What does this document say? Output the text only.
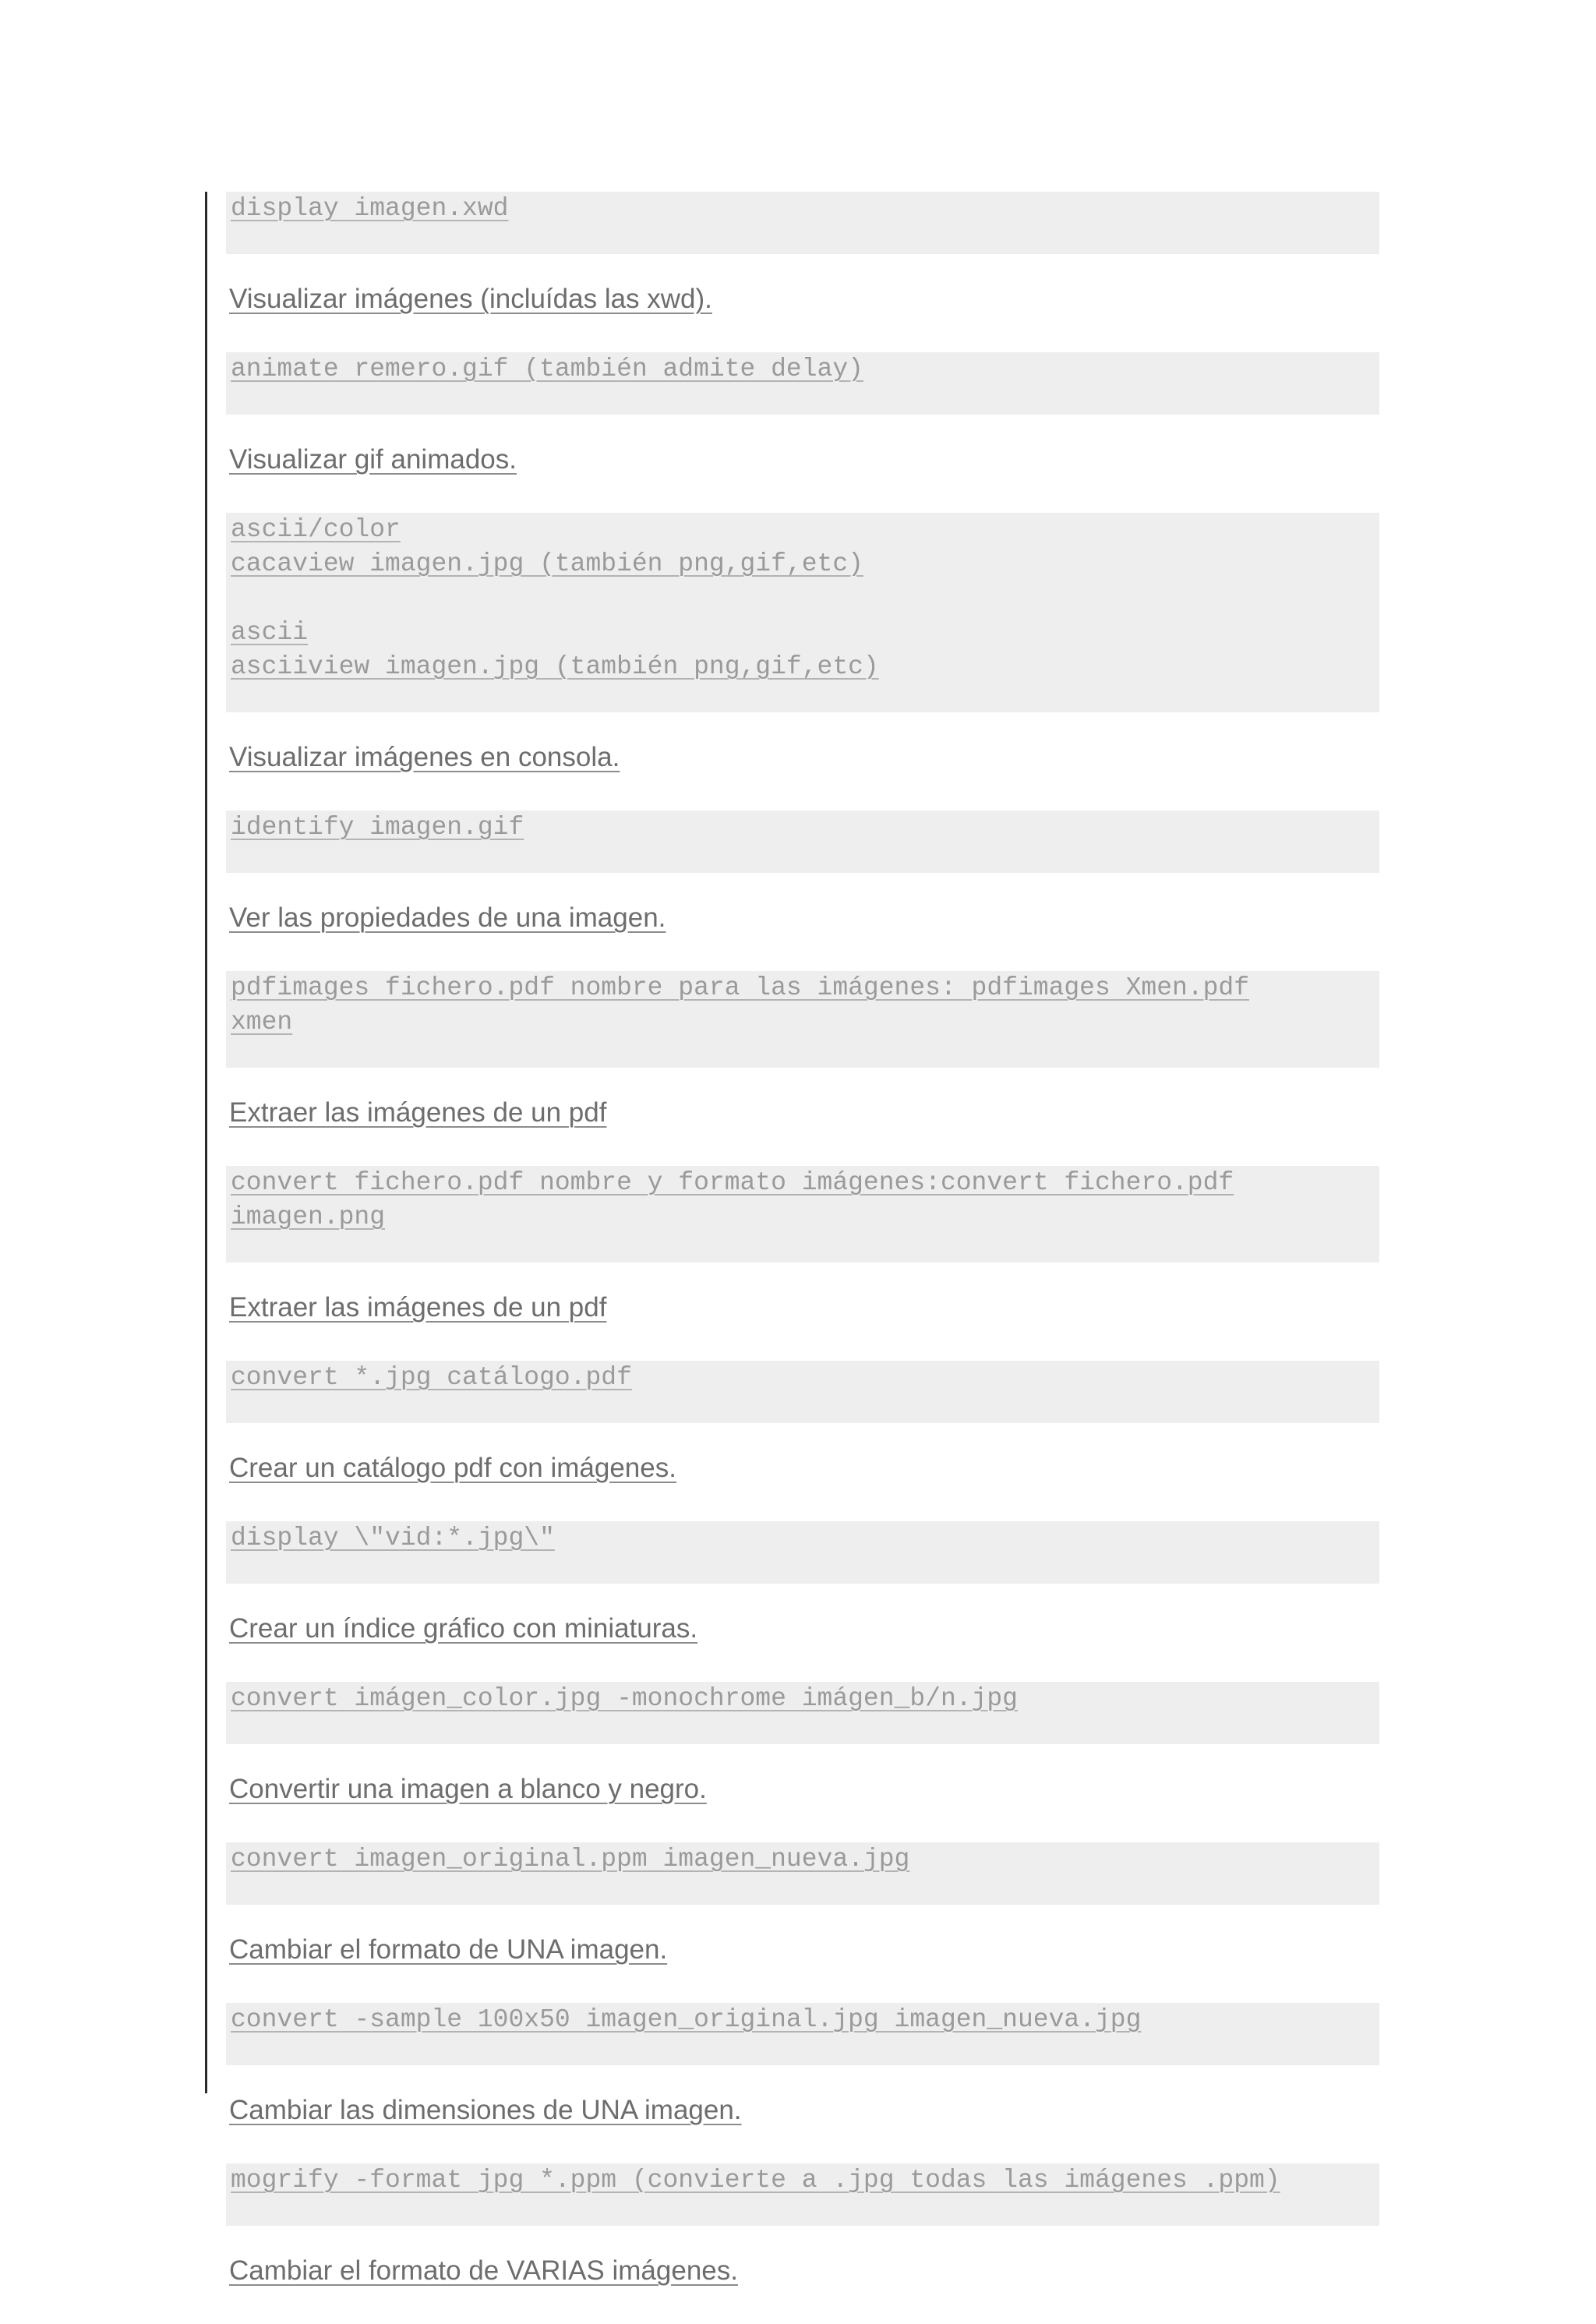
display imagen.xwd

Visualizar imágenes (incluídas las xwd).

animate remero.gif (también admite delay)

Visualizar gif animados.

ascii/color
cacaview imagen.jpg (también png,gif,etc)
ascii
asciiview imagen.jpg (también png,gif,etc)

Visualizar imágenes en consola.

identify imagen.gif

Ver las propiedades de una imagen.

pdfimages fichero.pdf nombre para las imágenes: pdfimages Xmen.pdf
xmen

Extraer las imágenes de un pdf

convert fichero.pdf nombre y formato imágenes:convert fichero.pdf
imagen.png

Extraer las imágenes de un pdf

convert *.jpg catálogo.pdf

Crear un catálogo pdf con imágenes.

display \"vid:*.jpg\"

Crear un índice gráfico con miniaturas.

convert imágen_color.jpg -monochrome imágen_b/n.jpg

Convertir una imagen a blanco y negro.

convert imagen_original.ppm imagen_nueva.jpg

Cambiar el formato de UNA imagen.

convert -sample 100x50 imagen_original.jpg imagen_nueva.jpg

Cambiar las dimensiones de UNA imagen.

mogrify -format jpg *.ppm (convierte a .jpg todas las imágenes .ppm)

Cambiar el formato de VARIAS imágenes.
